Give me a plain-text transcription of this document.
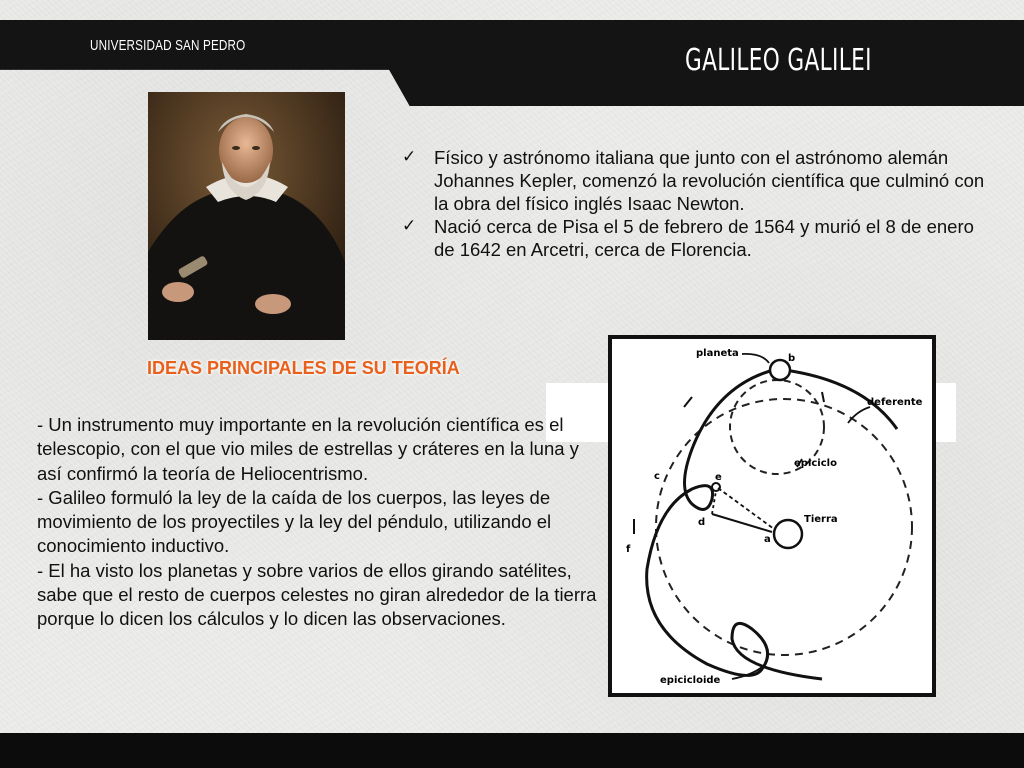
UNIVERSIDAD SAN PEDRO	GALILEO GALILEI
✓ Físico y astrónomo italiana que junto con el astrónomo alemán Johannes Kepler, comenzó la revolución científica que culminó con la obra del físico inglés Isaac Newton.
✓ Nació cerca de Pisa el 5 de febrero de 1564 y murió el 8 de enero de 1642 en Arcetri, cerca de Florencia.
IDEAS PRINCIPALES DE SU TEORÍA

- Un instrumento muy importante en la revolución científica es el telescopio, con el que vio miles de estrellas y cráteres en la luna y así confirmó la teoría de Heliocentrismo.

- Galileo formuló la ley de la caída de los cuerpos, las leyes de movimiento de los proyectiles y la ley del péndulo, utilizando el conocimiento inductivo.

- El ha visto los planetas y sobre varios de ellos girando satélites, sabe que el resto de cuerpos celestes no giran alrededor de la tierra porque lo dicen los cálculos y lo dicen las observaciones.

planeta	b
deferente
epiciclo
c	e
d	Tierra
a
f
epicicloide
